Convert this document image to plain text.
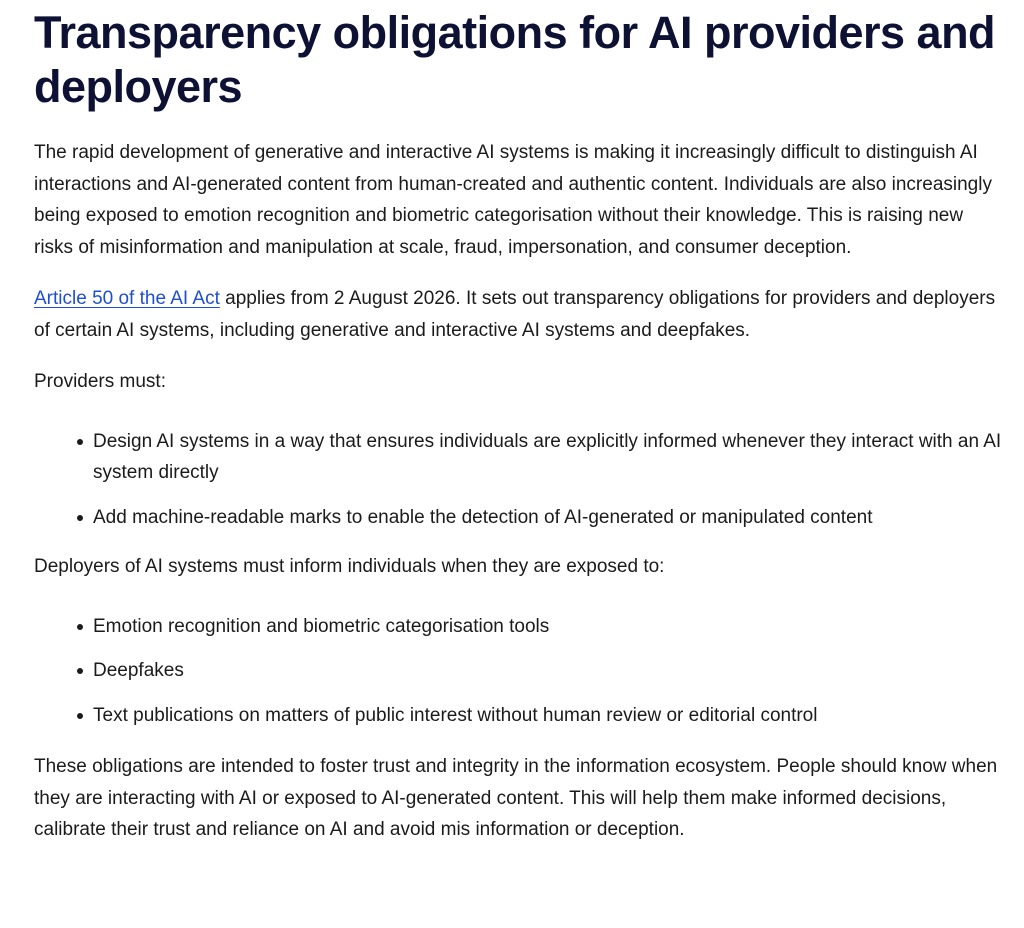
Transparency obligations for AI providers and deployers

The rapid development of generative and interactive AI systems is making it increasingly difficult to distinguish AI interactions and AI-generated content from human-created and authentic content. Individuals are also increasingly being exposed to emotion recognition and biometric categorisation without their knowledge. This is raising new risks of misinformation and manipulation at scale, fraud, impersonation, and consumer deception.

Article 50 of the AI Act applies from 2 August 2026. It sets out transparency obligations for providers and deployers of certain AI systems, including generative and interactive AI systems and deepfakes.

Providers must:

Design AI systems in a way that ensures individuals are explicitly informed whenever they interact with an AI system directly
Add machine-readable marks to enable the detection of AI-generated or manipulated content

Deployers of AI systems must inform individuals when they are exposed to:

Emotion recognition and biometric categorisation tools
Deepfakes
Text publications on matters of public interest without human review or editorial control

These obligations are intended to foster trust and integrity in the information ecosystem. People should know when they are interacting with AI or exposed to AI-generated content. This will help them make informed decisions, calibrate their trust and reliance on AI and avoid mis information or deception.
